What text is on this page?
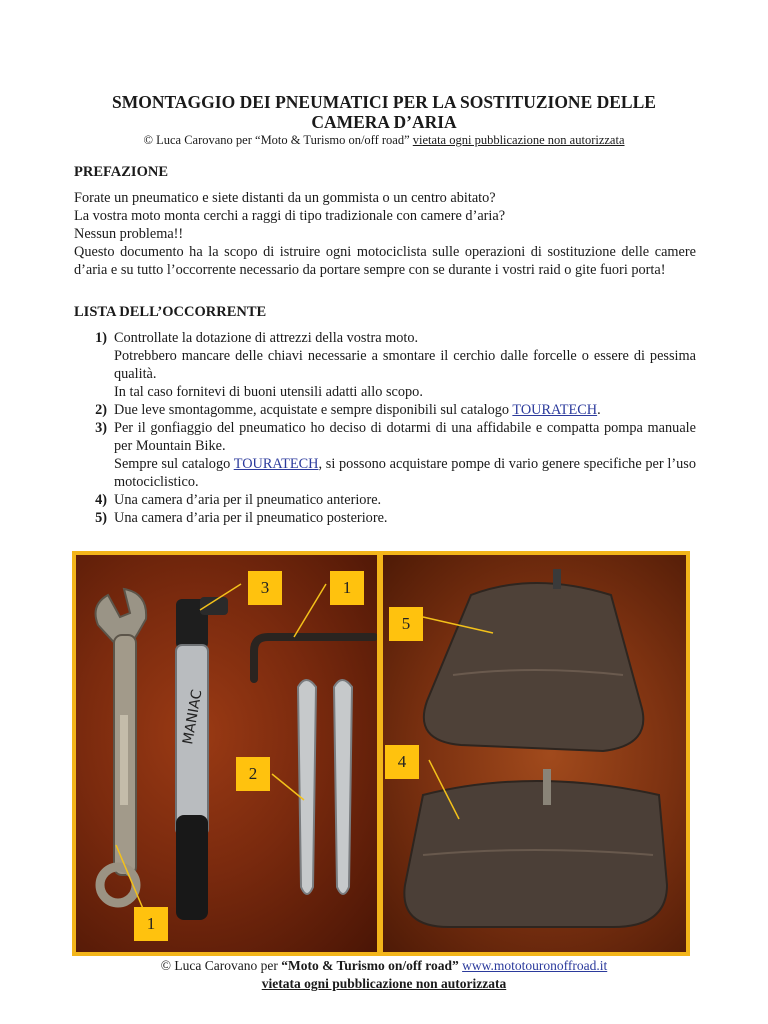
SMONTAGGIO DEI PNEUMATICI PER LA SOSTITUZIONE DELLE CAMERA D’ARIA
© Luca Carovano per “Moto & Turismo on/off road” vietata ogni pubblicazione non autorizzata
PREFAZIONE

Forate un pneumatico e siete distanti da un gommista o un centro abitato?

La vostra moto monta cerchi a raggi di tipo tradizionale con camere d’aria?

Nessun problema!!

Questo documento ha la scopo di istruire ogni motociclista sulle operazioni di sostituzione delle camere d’aria e su tutto l’occorrente necessario da portare sempre con se durante i vostri raid o gite fuori porta!

LISTA DELL’OCCORRENTE
1) Controllate la dotazione di attrezzi della vostra moto.
Potrebbero mancare delle chiavi necessarie a smontare il cerchio dalle forcelle o essere di pessima qualità.
In tal caso fornitevi di buoni utensili adatti allo scopo.
2) Due leve smontagomme, acquistate e sempre disponibili sul catalogo TOURATECH.
3) Per il gonfiaggio del pneumatico ho deciso di dotarmi di una affidabile e compatta pompa manuale per Mountain Bike.
Sempre sul catalogo TOURATECH, si possono acquistare pompe di vario genere specifiche per l’uso motociclistico.
4) Una camera d’aria per il pneumatico anteriore.
5) Una camera d’aria per il pneumatico posteriore.
MANIAC
3	1
2
1
5
4
© Luca Carovano per “Moto & Turismo on/off road” www.mototouronoffroad.it
vietata ogni pubblicazione non autorizzata
